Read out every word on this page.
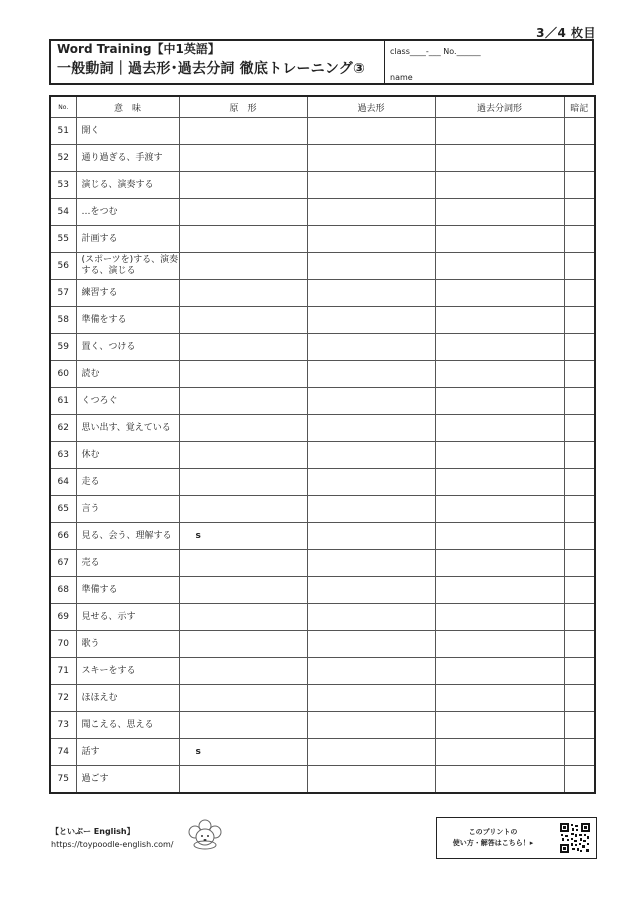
3／4 枚目
Word Training【中1英語】
一般動詞｜過去形･過去分詞 徹底トレーニング③
class____-___ No.______
name
No.	意　味	原　形	過去形	過去分詞形	暗記
51	開く				
52	通り過ぎる、手渡す				
53	演じる、演奏する				
54	…をつむ				
55	計画する				
56	(スポーツを)する、演奏する、演じる				
57	練習する				
58	準備をする				
59	置く、つける				
60	読む				
61	くつろぐ				
62	思い出す、覚えている				
63	休む				
64	走る				
65	言う				
66	見る、会う、理解する	s			
67	売る				
68	準備する				
69	見せる、示す				
70	歌う				
71	スキーをする				
72	ほほえむ				
73	聞こえる、思える				
74	話す	s			
75	過ごす				
【といぷー English】
https://toypoodle-english.com/
このプリントの
使い方・解答はこちら！▸
